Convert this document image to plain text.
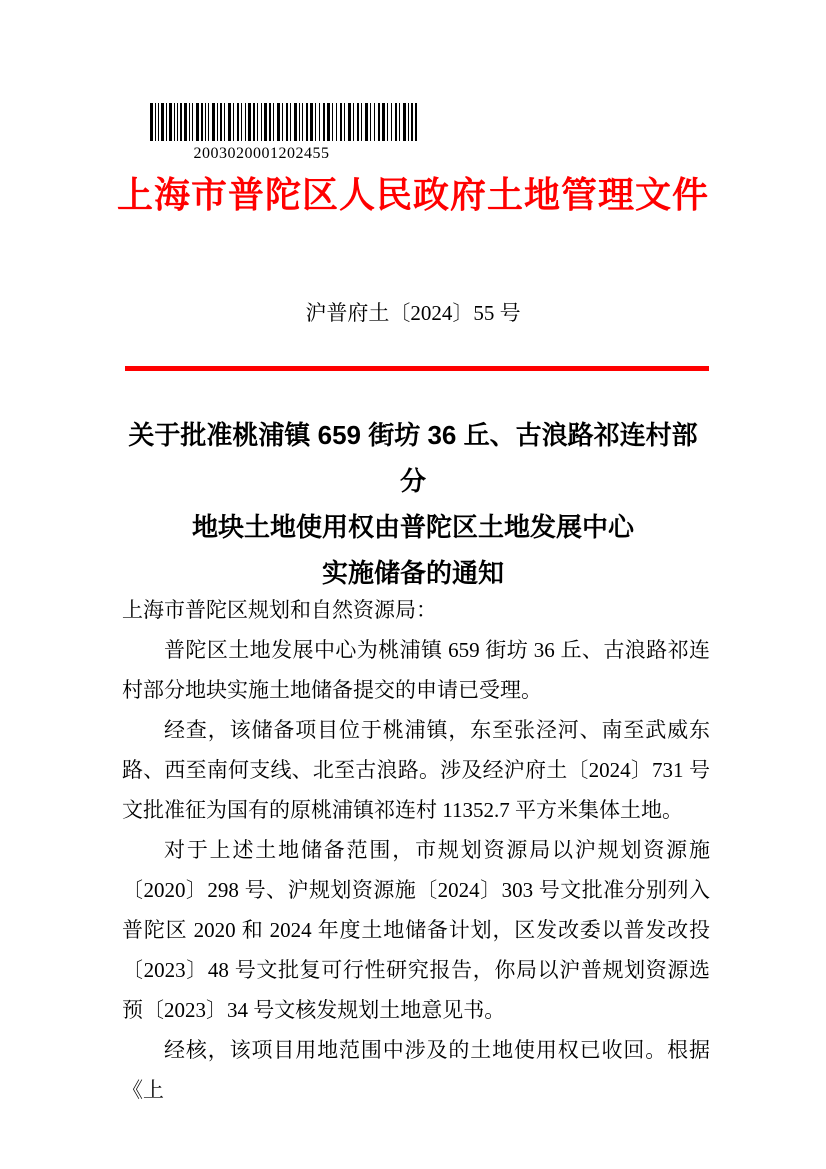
2003020001202455
上海市普陀区人民政府土地管理文件
沪普府土〔2024〕55 号
关于批准桃浦镇 659 街坊 36 丘、古浪路祁连村部分
地块土地使用权由普陀区土地发展中心
实施储备的通知

上海市普陀区规划和自然资源局：

普陀区土地发展中心为桃浦镇 659 街坊 36 丘、古浪路祁连村部分地块实施土地储备提交的申请已受理。

经查，该储备项目位于桃浦镇，东至张泾河、南至武威东路、西至南何支线、北至古浪路。涉及经沪府土〔2024〕731 号文批准征为国有的原桃浦镇祁连村 11352.7 平方米集体土地。

对于上述土地储备范围，市规划资源局以沪规划资源施〔2020〕298 号、沪规划资源施〔2024〕303 号文批准分别列入普陀区 2020 和 2024 年度土地储备计划，区发改委以普发改投〔2023〕48 号文批复可行性研究报告，你局以沪普规划资源选预〔2023〕34 号文核发规划土地意见书。

经核，该项目用地范围中涉及的土地使用权已收回。根据《上
